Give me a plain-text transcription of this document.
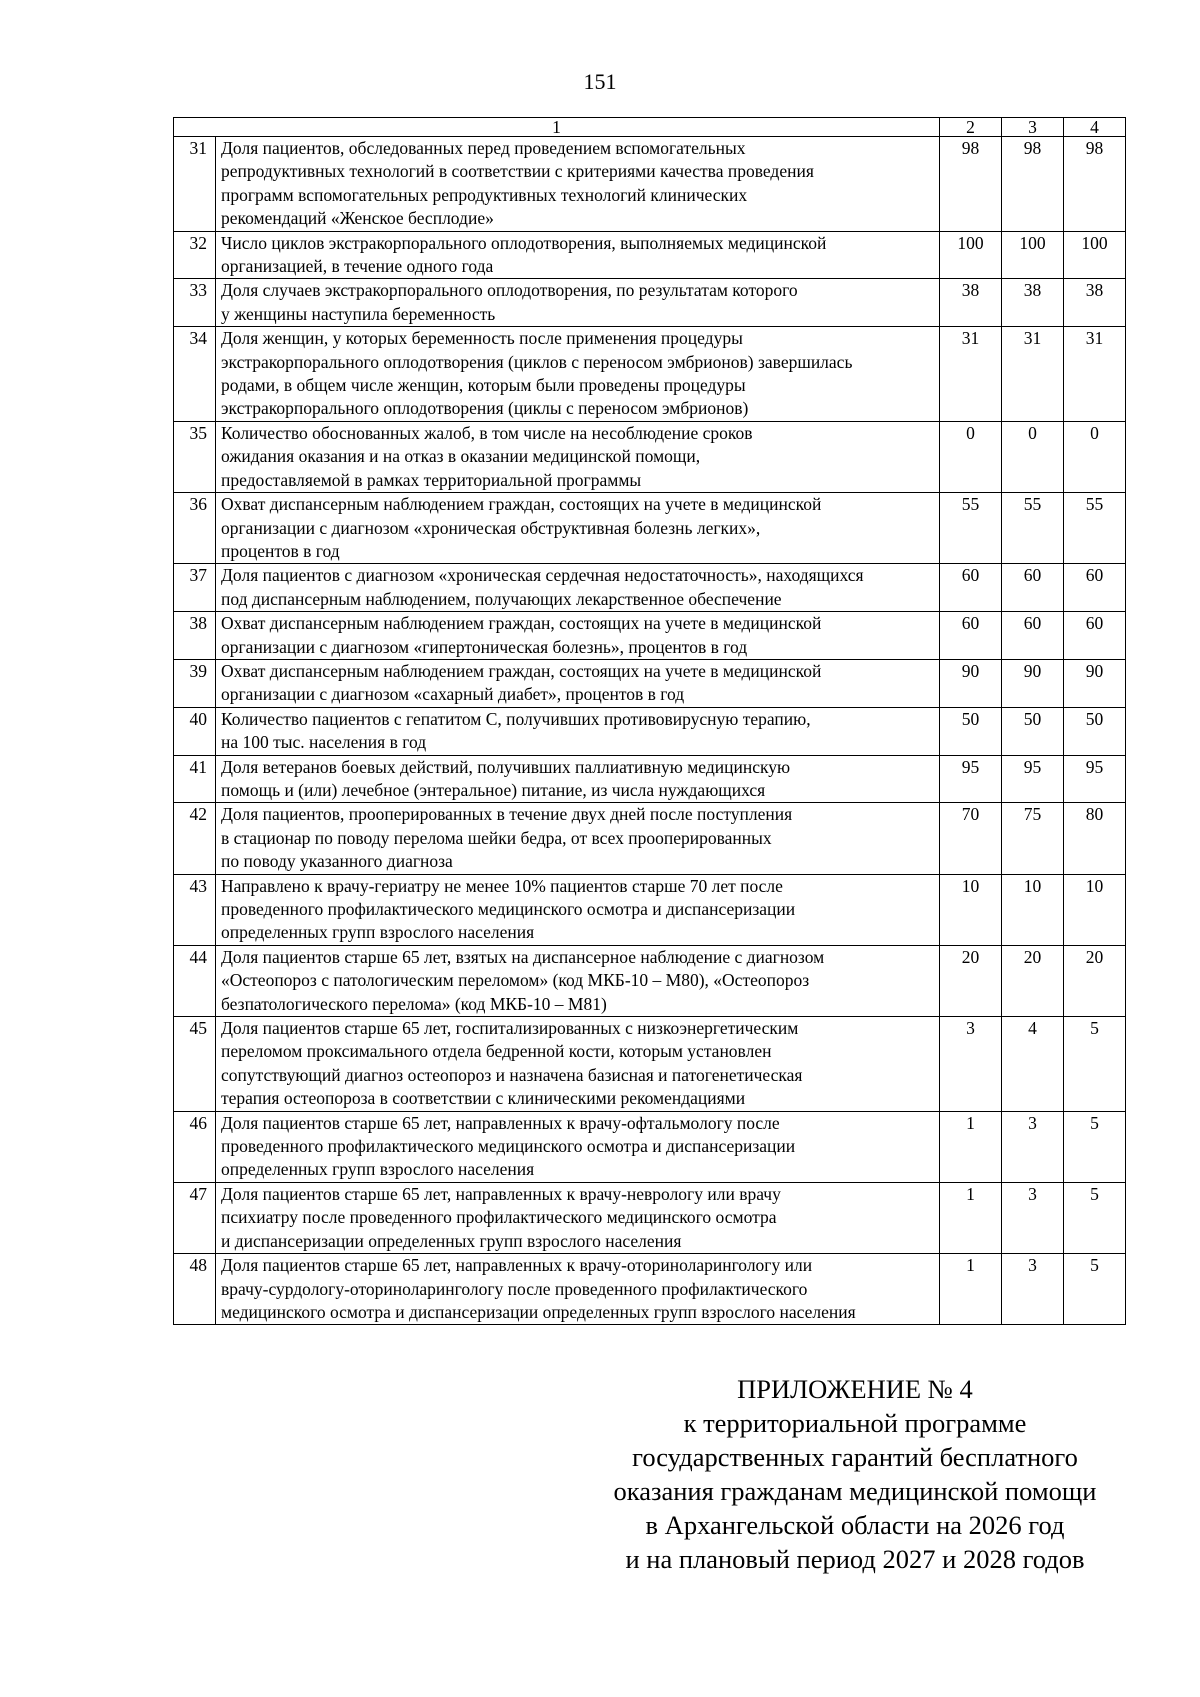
151
1		2	3	4
31	Доля пациентов, обследованных перед проведением вспомогательных
репродуктивных технологий в соответствии с критериями качества проведения
программ вспомогательных репродуктивных технологий клинических
рекомендаций «Женское бесплодие»	98	98	98
32	Число циклов экстракорпорального оплодотворения, выполняемых медицинской
организацией, в течение одного года	100	100	100
33	Доля случаев экстракорпорального оплодотворения, по результатам которого
у женщины наступила беременность	38	38	38
34	Доля женщин, у которых беременность после применения процедуры
экстракорпорального оплодотворения (циклов с переносом эмбрионов) завершилась
родами, в общем числе женщин, которым были проведены процедуры
экстракорпорального оплодотворения (циклы с переносом эмбрионов)	31	31	31
35	Количество обоснованных жалоб, в том числе на несоблюдение сроков
ожидания оказания и на отказ в оказании медицинской помощи,
предоставляемой в рамках территориальной программы	0	0	0
36	Охват диспансерным наблюдением граждан, состоящих на учете в медицинской
организации с диагнозом «хроническая обструктивная болезнь легких»,
процентов в год	55	55	55
37	Доля пациентов с диагнозом «хроническая сердечная недостаточность», находящихся
под диспансерным наблюдением, получающих лекарственное обеспечение	60	60	60
38	Охват диспансерным наблюдением граждан, состоящих на учете в медицинской
организации с диагнозом «гипертоническая болезнь», процентов в год	60	60	60
39	Охват диспансерным наблюдением граждан, состоящих на учете в медицинской
организации с диагнозом «сахарный диабет», процентов в год	90	90	90
40	Количество пациентов с гепатитом С, получивших противовирусную терапию,
на 100 тыс. населения в год	50	50	50
41	Доля ветеранов боевых действий, получивших паллиативную медицинскую
помощь и (или) лечебное (энтеральное) питание, из числа нуждающихся	95	95	95
42	Доля пациентов, прооперированных в течение двух дней после поступления
в стационар по поводу перелома шейки бедра, от всех прооперированных
по поводу указанного диагноза	70	75	80
43	Направлено к врачу-гериатру не менее 10% пациентов старше 70 лет после
проведенного профилактического медицинского осмотра и диспансеризации
определенных групп взрослого населения	10	10	10
44	Доля пациентов старше 65 лет, взятых на диспансерное наблюдение с диагнозом
«Остеопороз с патологическим переломом» (код МКБ-10 – M80), «Остеопороз
безпатологического перелома» (код МКБ-10 – M81)	20	20	20
45	Доля пациентов старше 65 лет, госпитализированных с низкоэнергетическим
переломом проксимального отдела бедренной кости, которым установлен
сопутствующий диагноз остеопороз и назначена базисная и патогенетическая
терапия остеопороза в соответствии с клиническими рекомендациями	3	4	5
46	Доля пациентов старше 65 лет, направленных к врачу-офтальмологу после
проведенного профилактического медицинского осмотра и диспансеризации
определенных групп взрослого населения	1	3	5
47	Доля пациентов старше 65 лет, направленных к врачу-неврологу или врачу
психиатру после проведенного профилактического медицинского осмотра
и диспансеризации определенных групп взрослого населения	1	3	5
48	Доля пациентов старше 65 лет, направленных к врачу-оториноларингологу или
врачу-сурдологу-оториноларингологу после проведенного профилактического
медицинского осмотра и диспансеризации определенных групп взрослого населения	1	3	5
ПРИЛОЖЕНИЕ № 4
к территориальной программе
государственных гарантий бесплатного
оказания гражданам медицинской помощи
в Архангельской области на 2026 год
и на плановый период 2027 и 2028 годов
